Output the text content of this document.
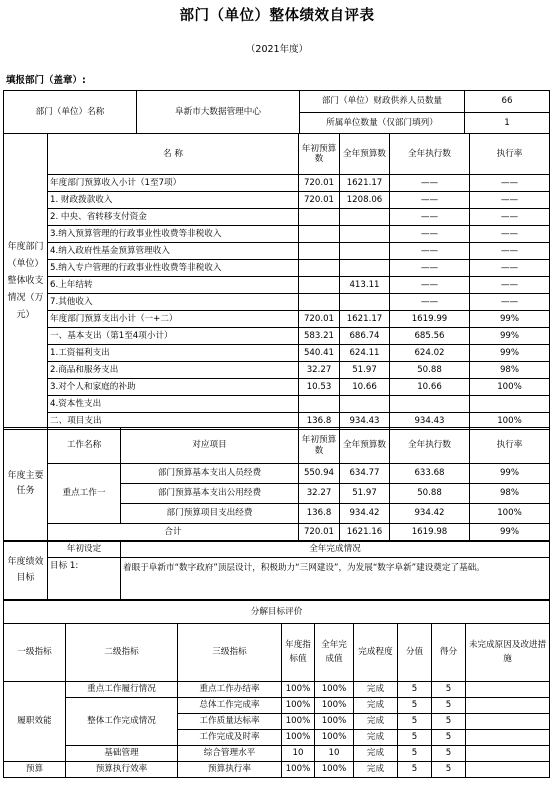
部门（单位）整体绩效自评表
（2021年度）
填报部门（盖章）:
部门（单位）名称	阜新市大数据管理中心	部门（单位）财政供养人员数量	66
		所属单位数量（仅部门填列）	1
年度部门（单位）整体收支情况（万元）	名 称	年初预算数	全年预算数	全年执行数	执行率
	年度部门预算收入小计（1至7项）	720.01	1621.17	——	——
	1. 财政拨款收入	720.01	1208.06	——	——
	2. 中央、省转移支付资金			——	——
	3.纳入预算管理的行政事业性收费等非税收入			——	——
	4.纳入政府性基金预算管理收入			——	——
	5.纳入专户管理的行政事业性收费等非税收入			——	——
	6.上年结转		413.11	——	——
	7.其他收入			——	——
	年度部门预算支出小计（一+二）	720.01	1621.17	1619.99	99%
	一、基本支出（第1至4项小计）	583.21	686.74	685.56	99%
	1.工资福利支出	540.41	624.11	624.02	99%
	2.商品和服务支出	32.27	51.97	50.88	98%
	3.对个人和家庭的补助	10.53	10.66	10.66	100%
	4.资本性支出				
	二、项目支出	136.8	934.43	934.43	100%
年度主要任务	工作名称	对应项目	年初预算数	全年预算数	全年执行数	执行率
	重点工作一	部门预算基本支出人员经费	550.94	634.77	633.68	99%
		部门预算基本支出公用经费	32.27	51.97	50.88	98%
		部门预算项目支出经费	136.8	934.42	934.42	100%
	合计		720.01	1621.16	1619.98	99%
年度绩效目标	年初设定	全年完成情况
	目标 1:	着眼于阜新市“数字政府”顶层设计，积极助力“三网建设”，为发展“数字阜新”建设奠定了基础。
分解目标评价								
一级指标	二级指标	三级指标	年度指标值	全年完成值	完成程度	分值	得分	未完成原因及改进措施
履职效能	重点工作履行情况	重点工作办结率	100%	100%	完成	5	5	
	整体工作完成情况	总体工作完成率	100%	100%	完成	5	5	
		工作质量达标率	100%	100%	完成	5	5	
		工作完成及时率	100%	100%	完成	5	5	
	基础管理	综合管理水平	10	10	完成	5	5	
预算	预算执行效率	预算执行率	100%	100%	完成	5	5	
